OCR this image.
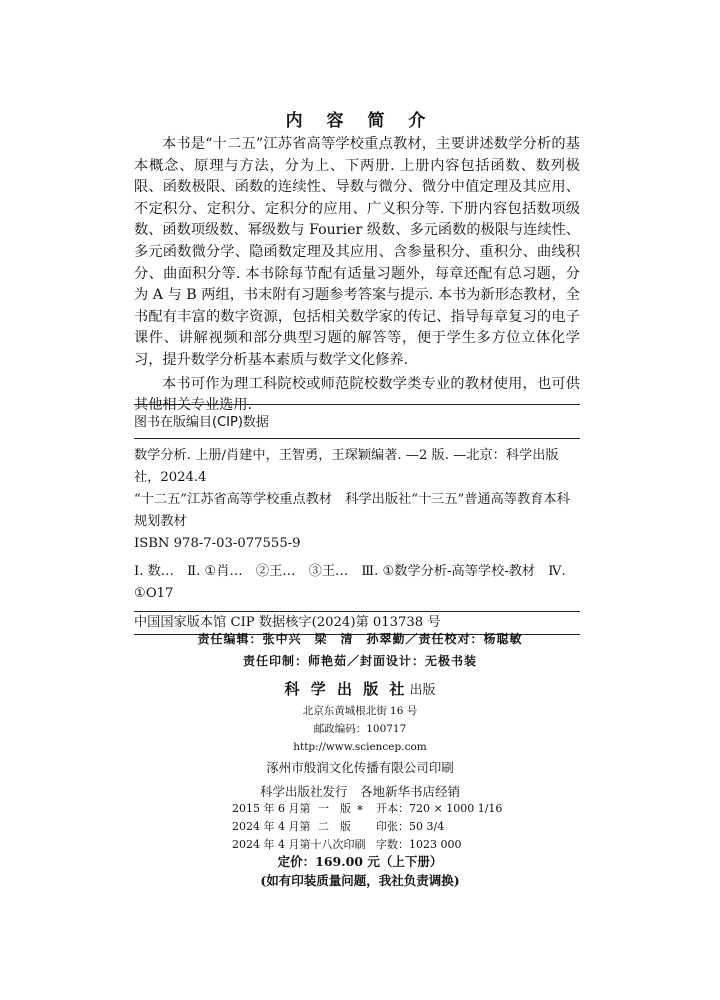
内 容 简 介

本书是“十二五”江苏省高等学校重点教材，主要讲述数学分析的基本概念、原理与方法，分为上、下两册. 上册内容包括函数、数列极限、函数极限、函数的连续性、导数与微分、微分中值定理及其应用、不定积分、定积分、定积分的应用、广义积分等. 下册内容包括数项级数、函数项级数、幂级数与 Fourier 级数、多元函数的极限与连续性、多元函数微分学、隐函数定理及其应用、含参量积分、重积分、曲线积分、曲面积分等. 本书除每节配有适量习题外，每章还配有总习题，分为 A 与 B 两组，书末附有习题参考答案与提示. 本书为新形态教材，全书配有丰富的数字资源，包括相关数学家的传记、指导每章复习的电子课件、讲解视频和部分典型习题的解答等，便于学生多方位立体化学习，提升数学分析基本素质与数学文化修养.

本书可作为理工科院校或师范院校数学类专业的教材使用，也可供其他相关专业选用.

图书在版编目(CIP)数据
数学分析. 上册/肖建中，王智勇，王琛颖编著. —2 版. —北京：科学出版社，2024.4
“十二五”江苏省高等学校重点教材　科学出版社“十三五”普通高等教育本科规划教材
ISBN 978-7-03-077555-9
Ⅰ. 数…　Ⅱ. ①肖…　②王…　③王…　Ⅲ. ①数学分析-高等学校-教材　Ⅳ. ①O17
中国国家版本馆 CIP 数据核字(2024)第 013738 号
责任编辑：张中兴　梁　清　孙翠勤／责任校对：杨聪敏
责任印制：师艳茹／封面设计：无极书装
科 学 出 版 社 出版
北京东黄城根北街 16 号
邮政编码：100717
http://www.sciencep.com
涿州市般润文化传播有限公司印刷
科学出版社发行　各地新华书店经销
*
2015 年 6 月第 一　版	开本：720 × 1000 1/16
2024 年 4 月第 二　版	印张：50 3/4
2024 年 4 月第十八次印刷 字数：1023 000
定价：169.00 元（上下册）
(如有印装质量问题，我社负责调换)
